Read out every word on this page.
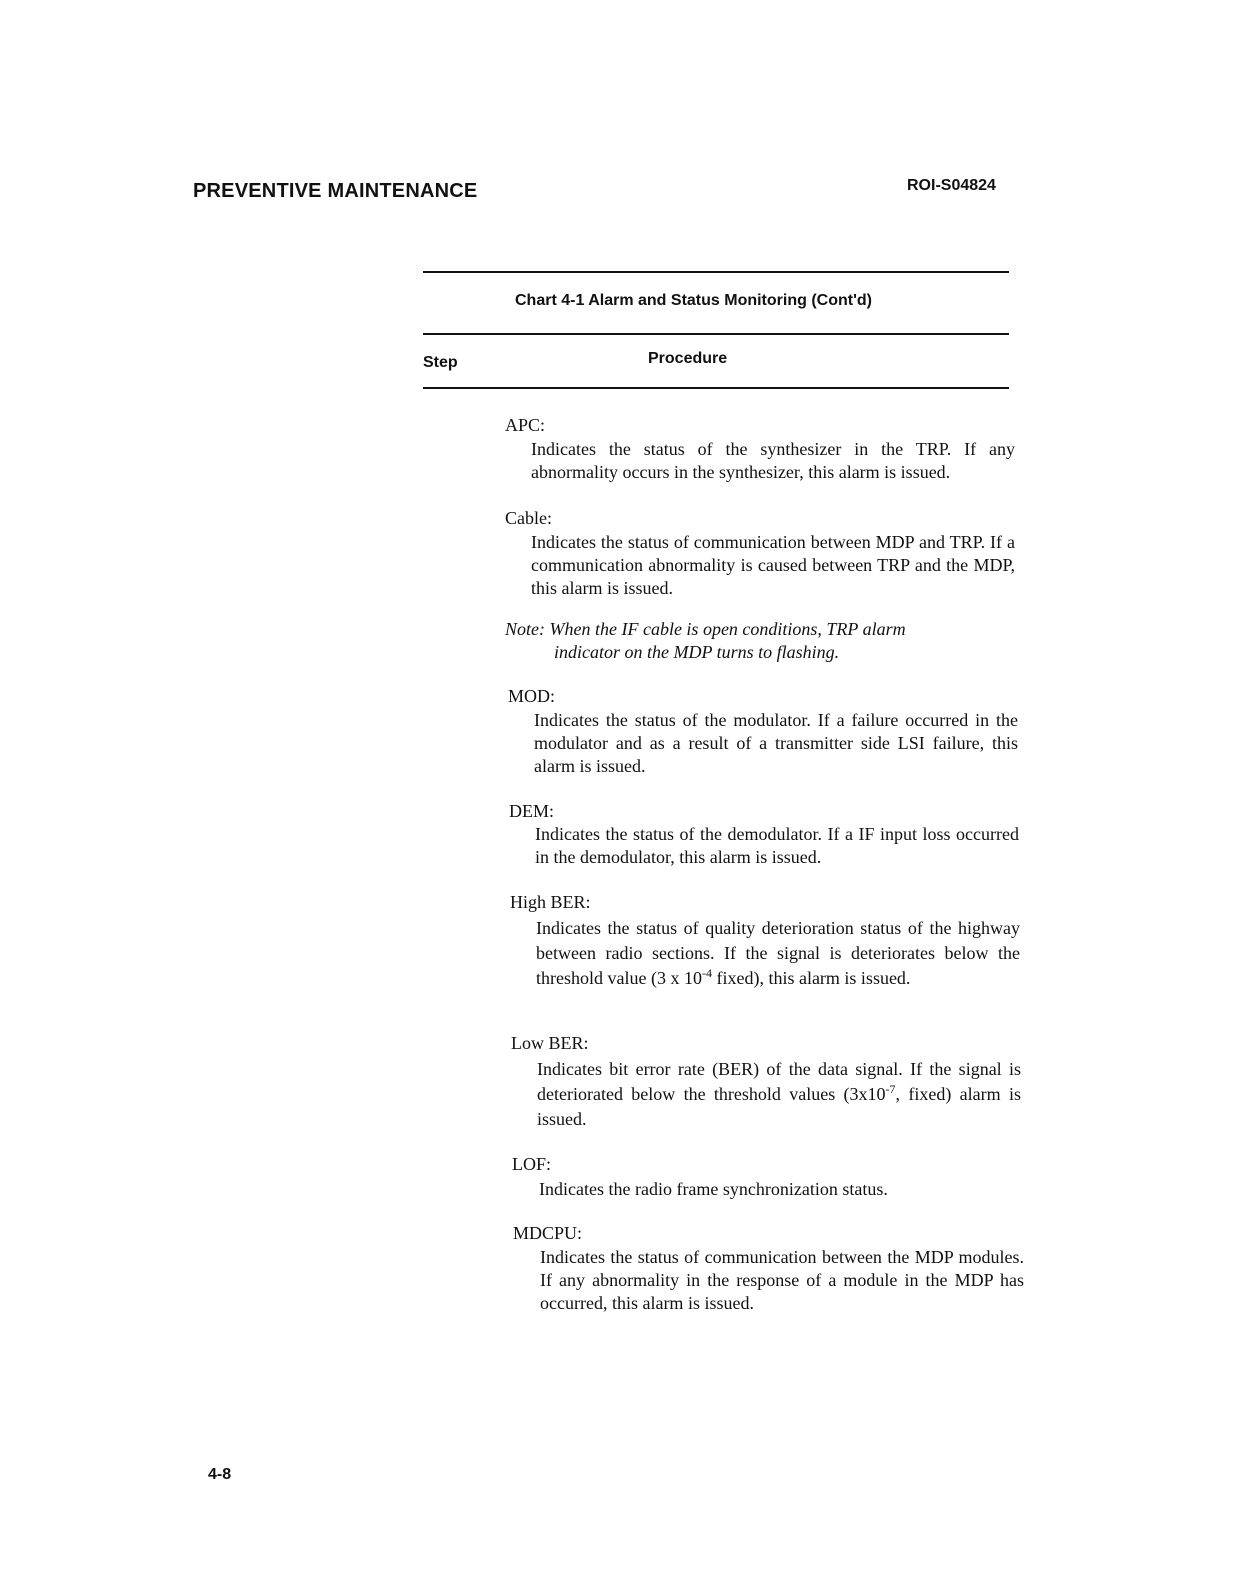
PREVENTIVE MAINTENANCE	ROI-S04824
Chart 4-1 Alarm and Status Monitoring (Cont'd)
Step	Procedure
APC:
Indicates the status of the synthesizer in the TRP. If any abnormality occurs in the synthesizer, this alarm is issued.
Cable:
Indicates the status of communication between MDP and TRP. If a communication abnormality is caused between TRP and the MDP, this alarm is issued.
Note: When the IF cable is open conditions, TRP alarm
indicator on the MDP turns to flashing.
MOD:
Indicates the status of the modulator. If a failure occurred in the modulator and as a result of a transmitter side LSI failure, this alarm is issued.
DEM:
Indicates the status of the demodulator. If a IF input loss occurred in the demodulator, this alarm is issued.
High BER:
Indicates the status of quality deterioration status of the highway between radio sections. If the signal is deteriorates below the threshold value (3 x $10^{-4}$ fixed), this alarm is issued.
Low BER:
Indicates bit error rate (BER) of the data signal. If the signal is deteriorated below the threshold values ($3x10^{-7}$, fixed) alarm is issued.
LOF:
Indicates the radio frame synchronization status.
MDCPU:
Indicates the status of communication between the MDP modules. If any abnormality in the response of a module in the MDP has occurred, this alarm is issued.
4-8
